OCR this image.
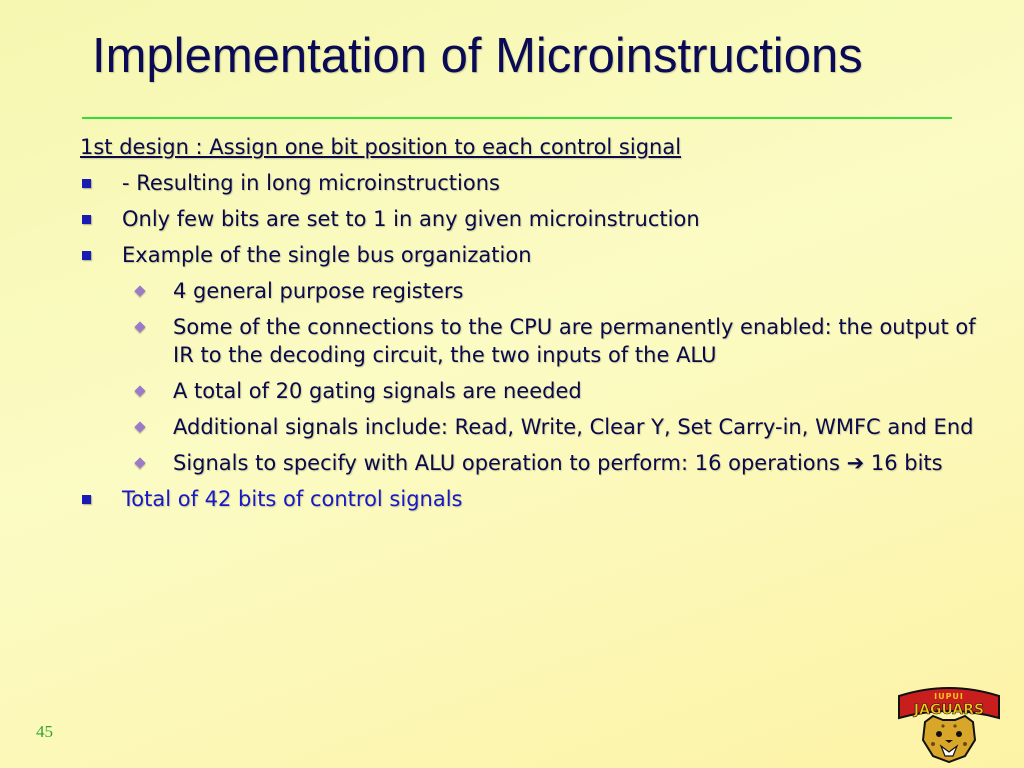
Implementation of Microinstructions
1st design : Assign one bit position to each control signal
- Resulting in long microinstructions
Only few bits are set to 1 in any given microinstruction
Example of the single bus organization
4 general purpose registers
Some of the connections to the CPU are permanently enabled: the output of IR to the decoding circuit, the two inputs of the ALU
A total of 20 gating signals are needed
Additional signals include: Read, Write, Clear Y, Set Carry-in, WMFC and End
Signals to specify with ALU operation to perform: 16 operations ➔ 16 bits
Total of 42 bits of control signals
45
IUPUI
JAGUARS
